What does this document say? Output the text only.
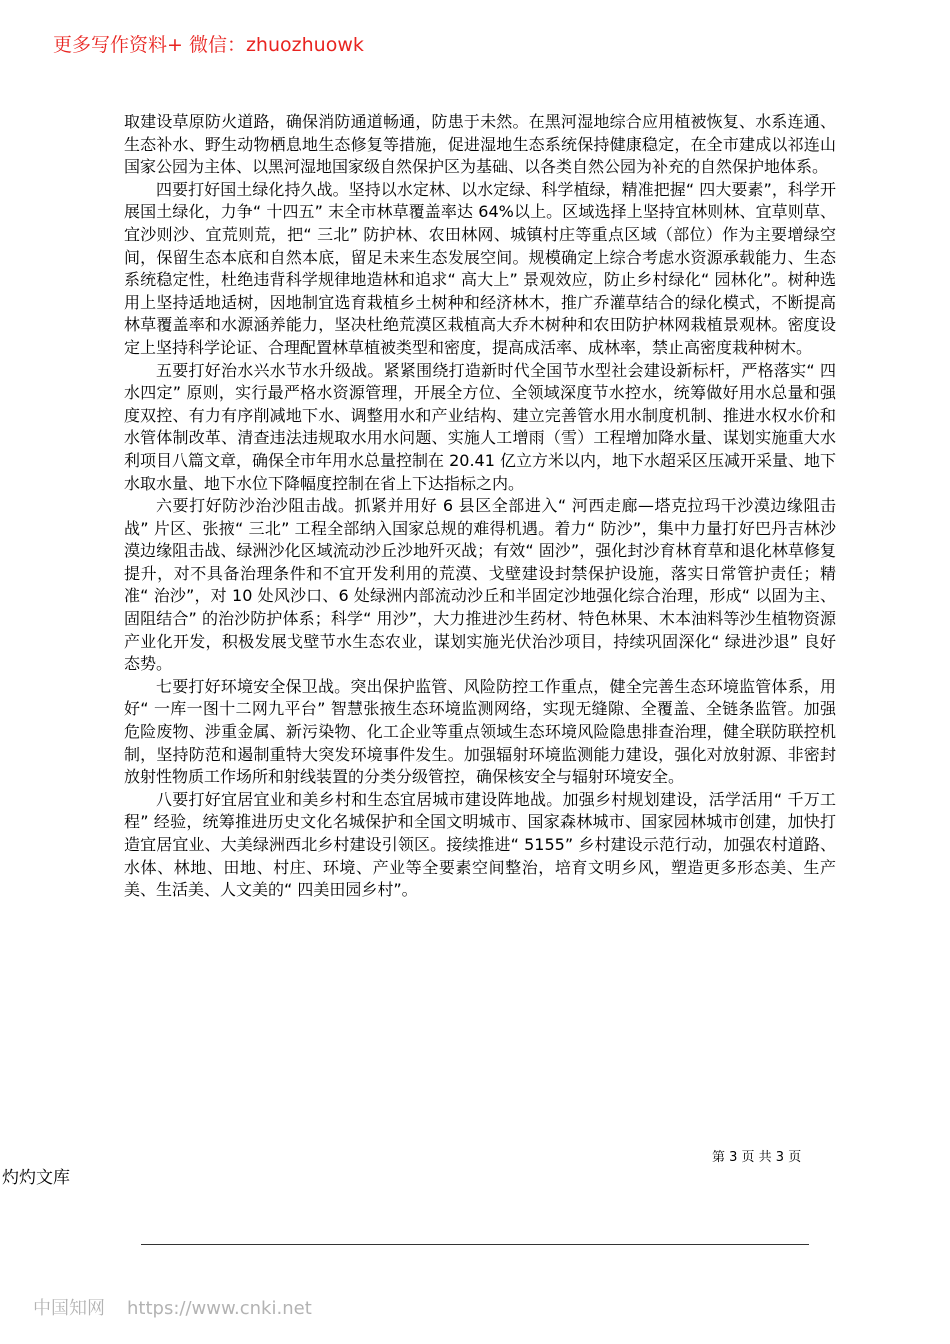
更多写作资料+ 微信：zhuozhuowk

取建设草原防火道路，确保消防通道畅通，防患于未然。在黑河湿地综合应用植被恢复、水系连通、生态补水、野生动物栖息地生态修复等措施，促进湿地生态系统保持健康稳定，在全市建成以祁连山国家公园为主体、以黑河湿地国家级自然保护区为基础、以各类自然公园为补充的自然保护地体系。

四要打好国土绿化持久战。坚持以水定林、以水定绿、科学植绿，精准把握“ 四大要素”，科学开展国土绿化，力争“ 十四五” 末全市林草覆盖率达 64%以上。区域选择上坚持宜林则林、宜草则草、宜沙则沙、宜荒则荒，把“ 三北” 防护林、农田林网、城镇村庄等重点区域（部位）作为主要增绿空间，保留生态本底和自然本底，留足未来生态发展空间。规模确定上综合考虑水资源承载能力、生态系统稳定性，杜绝违背科学规律地造林和追求“ 高大上” 景观效应，防止乡村绿化“ 园林化”。树种选用上坚持适地适树，因地制宜选育栽植乡土树种和经济林木，推广乔灌草结合的绿化模式，不断提高林草覆盖率和水源涵养能力，坚决杜绝荒漠区栽植高大乔木树种和农田防护林网栽植景观林。密度设定上坚持科学论证、合理配置林草植被类型和密度，提高成活率、成林率，禁止高密度栽种树木。

五要打好治水兴水节水升级战。紧紧围绕打造新时代全国节水型社会建设新标杆，严格落实“ 四水四定” 原则，实行最严格水资源管理，开展全方位、全领域深度节水控水，统筹做好用水总量和强度双控、有力有序削减地下水、调整用水和产业结构、建立完善管水用水制度机制、推进水权水价和水管体制改革、清查违法违规取水用水问题、实施人工增雨（雪）工程增加降水量、谋划实施重大水利项目八篇文章，确保全市年用水总量控制在 20.41 亿立方米以内，地下水超采区压减开采量、地下水取水量、地下水位下降幅度控制在省上下达指标之内。

六要打好防沙治沙阻击战。抓紧并用好 6 县区全部进入“ 河西走廊—塔克拉玛干沙漠边缘阻击战” 片区、张掖“ 三北” 工程全部纳入国家总规的难得机遇。着力“ 防沙”，集中力量打好巴丹吉林沙漠边缘阻击战、绿洲沙化区域流动沙丘沙地歼灭战；有效“ 固沙”，强化封沙育林育草和退化林草修复提升，对不具备治理条件和不宜开发利用的荒漠、戈壁建设封禁保护设施，落实日常管护责任；精准“ 治沙”，对 10 处风沙口、6 处绿洲内部流动沙丘和半固定沙地强化综合治理，形成“ 以固为主、固阻结合” 的治沙防护体系；科学“ 用沙”，大力推进沙生药材、特色林果、木本油料等沙生植物资源产业化开发，积极发展戈壁节水生态农业，谋划实施光伏治沙项目，持续巩固深化“ 绿进沙退” 良好态势。

七要打好环境安全保卫战。突出保护监管、风险防控工作重点，健全完善生态环境监管体系，用好“ 一库一图十二网九平台” 智慧张掖生态环境监测网络，实现无缝隙、全覆盖、全链条监管。加强危险废物、涉重金属、新污染物、化工企业等重点领域生态环境风险隐患排查治理，健全联防联控机制，坚持防范和遏制重特大突发环境事件发生。加强辐射环境监测能力建设，强化对放射源、非密封放射性物质工作场所和射线装置的分类分级管控，确保核安全与辐射环境安全。

八要打好宜居宜业和美乡村和生态宜居城市建设阵地战。加强乡村规划建设，活学活用“ 千万工程” 经验，统筹推进历史文化名城保护和全国文明城市、国家森林城市、国家园林城市创建，加快打造宜居宜业、大美绿洲西北乡村建设引领区。接续推进“ 5155” 乡村建设示范行动，加强农村道路、水体、林地、田地、村庄、环境、产业等全要素空间整治，培育文明乡风，塑造更多形态美、生产美、生活美、人文美的“ 四美田园乡村”。

第 3 页 共 3 页
灼灼文库
中国知网 https://www.cnki.net
